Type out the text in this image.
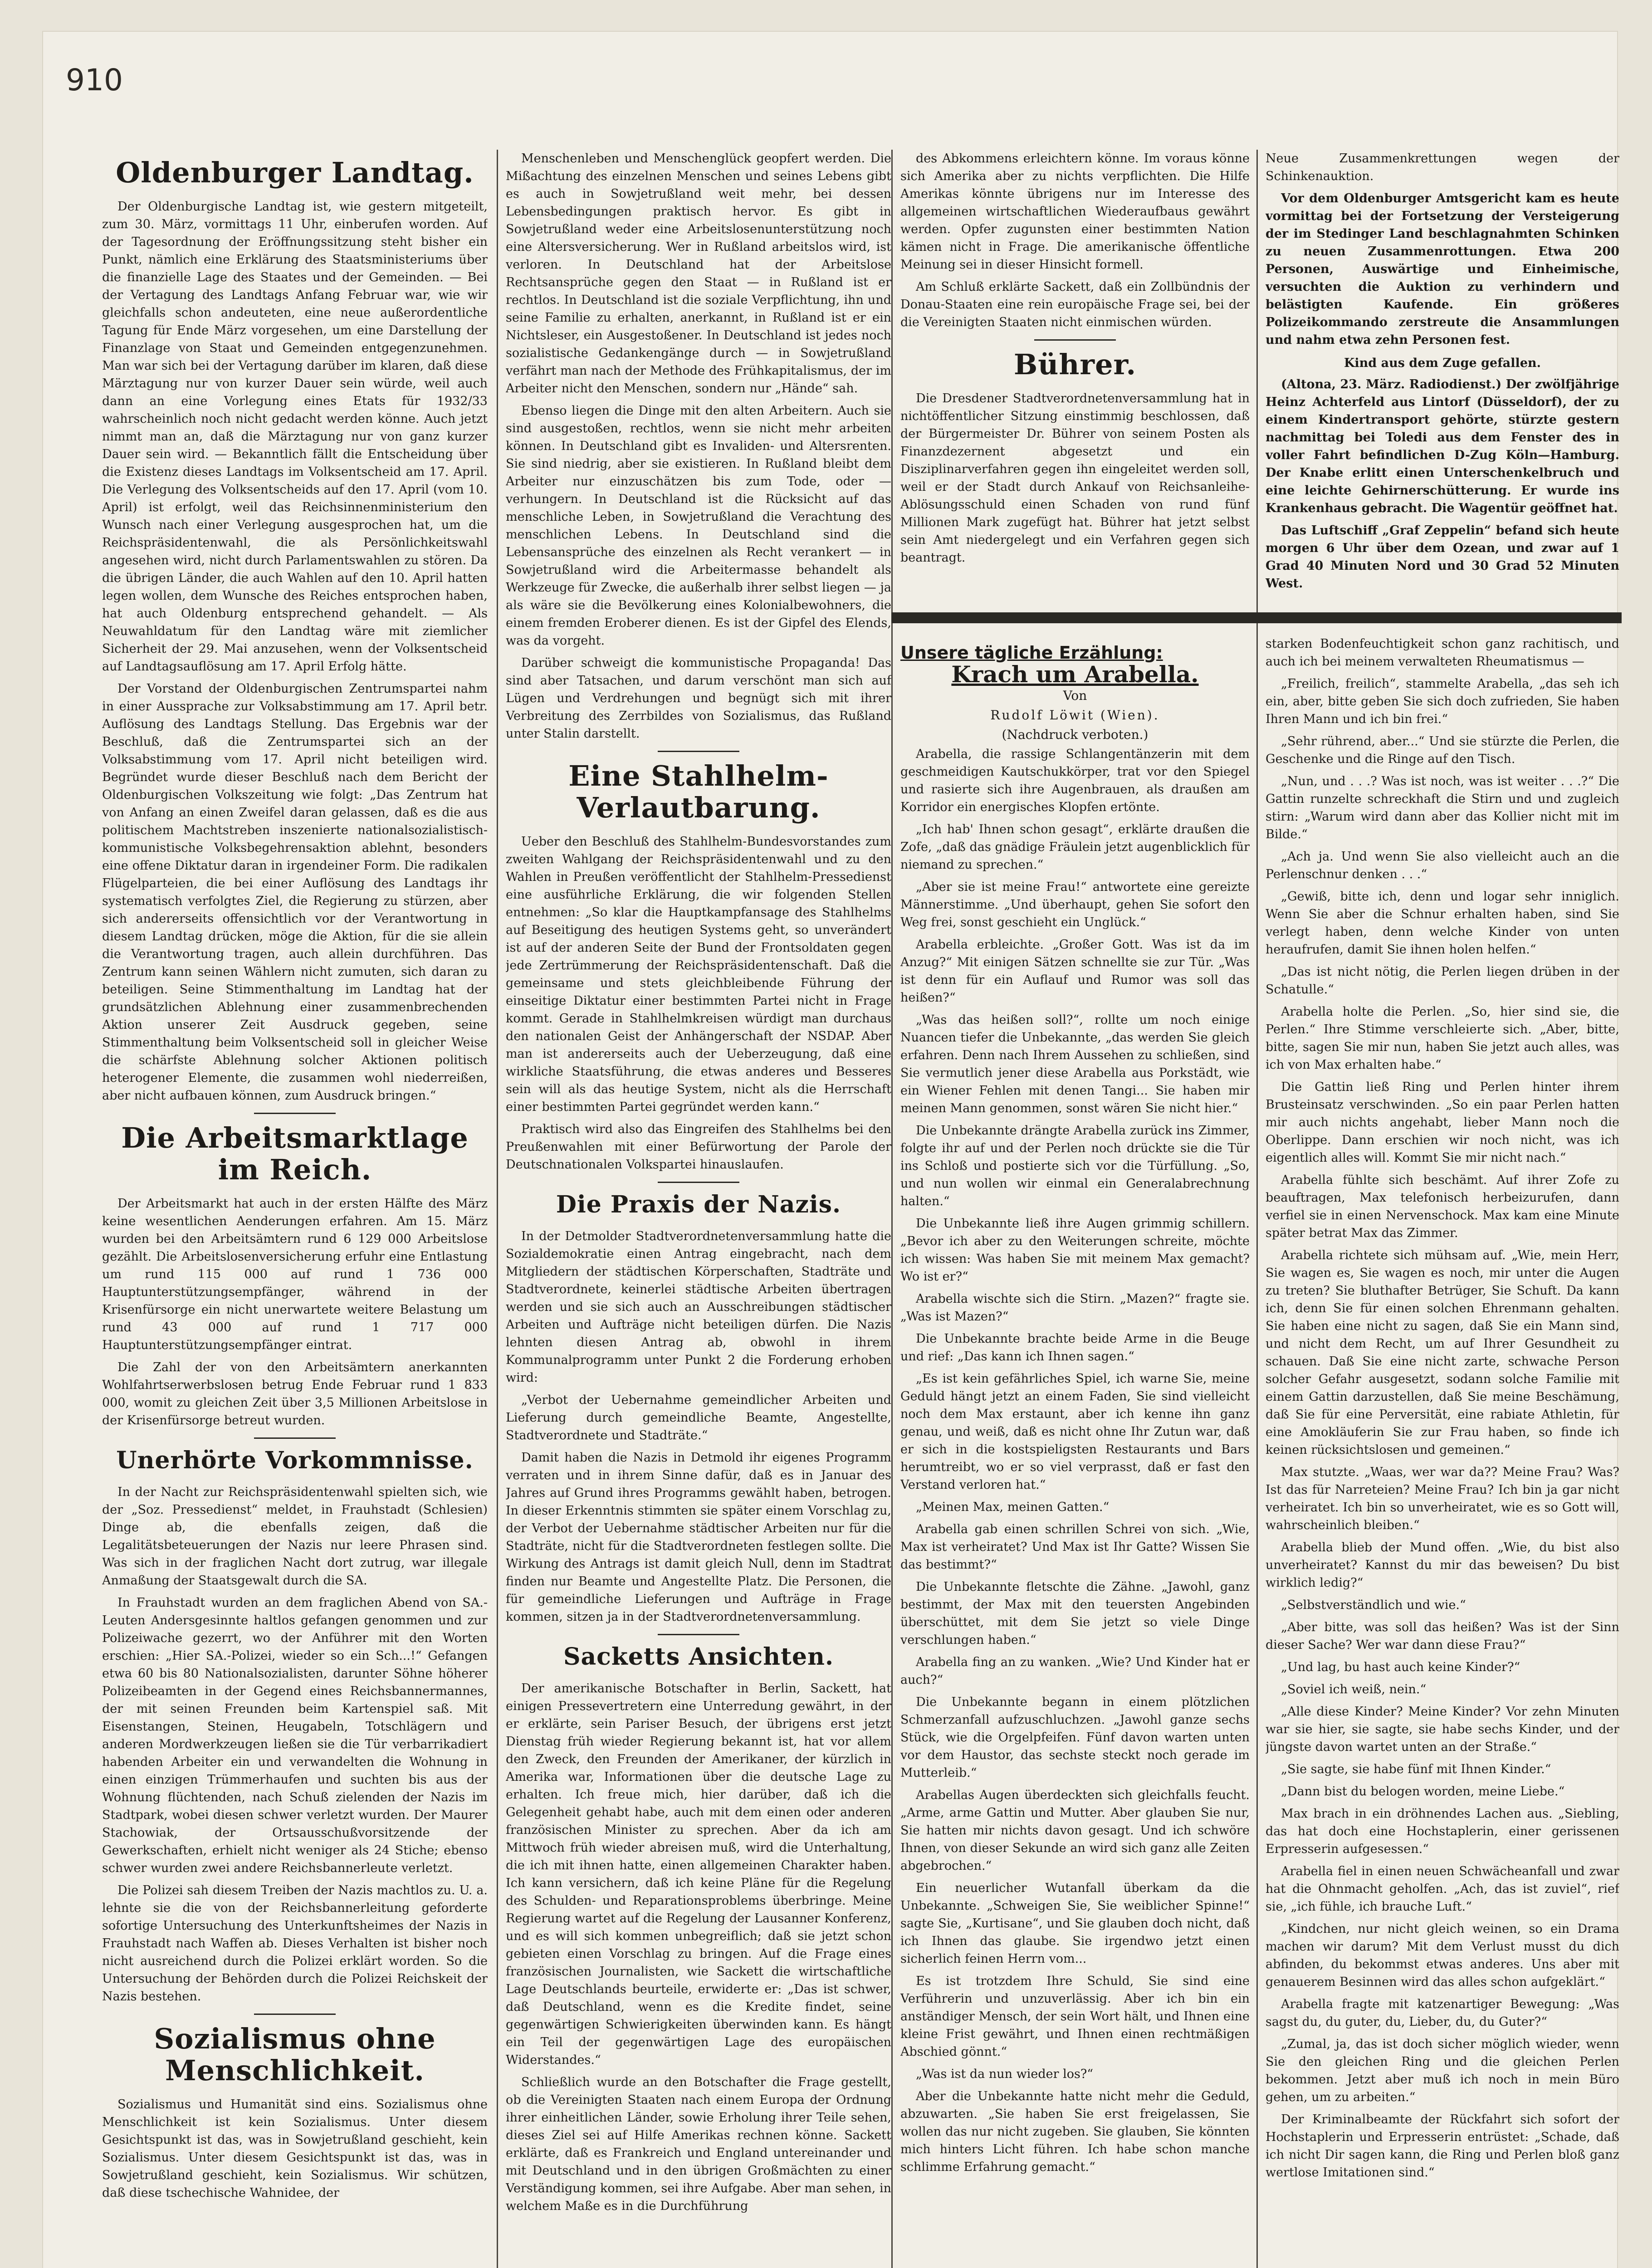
910
Oldenburger Landtag.

Der Oldenburgische Landtag ist, wie gestern mitgeteilt, zum 30. März, vormittags 11 Uhr, einberufen worden. Auf der Tagesordnung der Eröffnungssitzung steht bisher ein Punkt, nämlich eine Erklärung des Staatsministeriums über die finanzielle Lage des Staates und der Gemeinden. — Bei der Vertagung des Landtags Anfang Februar war, wie wir gleichfalls schon andeuteten, eine neue außerordentliche Tagung für Ende März vorgesehen, um eine Darstellung der Finanzlage von Staat und Gemeinden entgegenzunehmen. Man war sich bei der Vertagung darüber im klaren, daß diese Märztagung nur von kurzer Dauer sein würde, weil auch dann an eine Vorlegung eines Etats für 1932/33 wahrscheinlich noch nicht gedacht werden könne. Auch jetzt nimmt man an, daß die Märztagung nur von ganz kurzer Dauer sein wird. — Bekanntlich fällt die Entscheidung über die Existenz dieses Landtags im Volksentscheid am 17. April. Die Verlegung des Volksentscheids auf den 17. April (vom 10. April) ist erfolgt, weil das Reichsinnenministerium den Wunsch nach einer Verlegung ausgesprochen hat, um die Reichspräsidentenwahl, die als Persönlichkeitswahl angesehen wird, nicht durch Parlamentswahlen zu stören. Da die übrigen Länder, die auch Wahlen auf den 10. April hatten legen wollen, dem Wunsche des Reiches entsprochen haben, hat auch Oldenburg entsprechend gehandelt. — Als Neuwahldatum für den Landtag wäre mit ziemlicher Sicherheit der 29. Mai anzusehen, wenn der Volksentscheid auf Landtagsauflösung am 17. April Erfolg hätte.

Der Vorstand der Oldenburgischen Zentrumspartei nahm in einer Aussprache zur Volksabstimmung am 17. April betr. Auflösung des Landtags Stellung. Das Ergebnis war der Beschluß, daß die Zentrumspartei sich an der Volksabstimmung vom 17. April nicht beteiligen wird. Begründet wurde dieser Beschluß nach dem Bericht der Oldenburgischen Volkszeitung wie folgt: „Das Zentrum hat von Anfang an einen Zweifel daran gelassen, daß es die aus politischem Machtstreben inszenierte nationalsozialistisch-kommunistische Volksbegehrensaktion ablehnt, besonders eine offene Diktatur daran in irgendeiner Form. Die radikalen Flügelparteien, die bei einer Auflösung des Landtags ihr systematisch verfolgtes Ziel, die Regierung zu stürzen, aber sich andererseits offensichtlich vor der Verantwortung in diesem Landtag drücken, möge die Aktion, für die sie allein die Verantwortung tragen, auch allein durchführen. Das Zentrum kann seinen Wählern nicht zumuten, sich daran zu beteiligen. Seine Stimmenthaltung im Landtag hat der grundsätzlichen Ablehnung einer zusammenbrechenden Aktion unserer Zeit Ausdruck gegeben, seine Stimmenthaltung beim Volksentscheid soll in gleicher Weise die schärfste Ablehnung solcher Aktionen politisch heterogener Elemente, die zusammen wohl niederreißen, aber nicht aufbauen können, zum Ausdruck bringen.“

Die Arbeitsmarktlage im Reich.

Der Arbeitsmarkt hat auch in der ersten Hälfte des März keine wesentlichen Aenderungen erfahren. Am 15. März wurden bei den Arbeitsämtern rund 6 129 000 Arbeitslose gezählt. Die Arbeitslosenversicherung erfuhr eine Entlastung um rund 115 000 auf rund 1 736 000 Hauptunterstützungsempfänger, während in der Krisenfürsorge ein nicht unerwartete weitere Belastung um rund 43 000 auf rund 1 717 000 Hauptunterstützungsempfänger eintrat.

Die Zahl der von den Arbeitsämtern anerkannten Wohlfahrtserwerbslosen betrug Ende Februar rund 1 833 000, womit zu gleichen Zeit über 3,5 Millionen Arbeitslose in der Krisenfürsorge betreut wurden.

Unerhörte Vorkommnisse.

In der Nacht zur Reichspräsidentenwahl spielten sich, wie der „Soz. Pressedienst“ meldet, in Frauhstadt (Schlesien) Dinge ab, die ebenfalls zeigen, daß die Legalitätsbeteuerungen der Nazis nur leere Phrasen sind. Was sich in der fraglichen Nacht dort zutrug, war illegale Anmaßung der Staatsgewalt durch die SA.

In Frauhstadt wurden an dem fraglichen Abend von SA.-Leuten Andersgesinnte haltlos gefangen genommen und zur Polizeiwache gezerrt, wo der Anführer mit den Worten erschien: „Hier SA.-Polizei, wieder so ein Sch...!“ Gefangen etwa 60 bis 80 Nationalsozialisten, darunter Söhne höherer Polizeibeamten in der Gegend eines Reichsbannermannes, der mit seinen Freunden beim Kartenspiel saß. Mit Eisenstangen, Steinen, Heugabeln, Totschlägern und anderen Mordwerkzeugen ließen sie die Tür verbarrikadiert habenden Arbeiter ein und verwandelten die Wohnung in einen einzigen Trümmerhaufen und suchten bis aus der Wohnung flüchtenden, nach Schuß zielenden der Nazis im Stadtpark, wobei diesen schwer verletzt wurden. Der Maurer Stachowiak, der Ortsausschußvorsitzende der Gewerkschaften, erhielt nicht weniger als 24 Stiche; ebenso schwer wurden zwei andere Reichsbannerleute verletzt.

Die Polizei sah diesem Treiben der Nazis machtlos zu. U. a. lehnte sie die von der Reichsbannerleitung geforderte sofortige Untersuchung des Unterkunftsheimes der Nazis in Frauhstadt nach Waffen ab. Dieses Verhalten ist bisher noch nicht ausreichend durch die Polizei erklärt worden. So die Untersuchung der Behörden durch die Polizei Reichskeit der Nazis bestehen.

Sozialismus ohne Menschlichkeit.

Sozialismus und Humanität sind eins. Sozialismus ohne Menschlichkeit ist kein Sozialismus. Unter diesem Gesichtspunkt ist das, was in Sowjetrußland geschieht, kein Sozialismus. Unter diesem Gesichtspunkt ist das, was in Sowjetrußland geschieht, kein Sozialismus. Wir schützen, daß diese tschechische Wahnidee, der

Menschenleben und Menschenglück geopfert werden. Die Mißachtung des einzelnen Menschen und seines Lebens gibt es auch in Sowjetrußland weit mehr, bei dessen Lebensbedingungen praktisch hervor. Es gibt in Sowjetrußland weder eine Arbeitslosenunterstützung noch eine Altersversicherung. Wer in Rußland arbeitslos wird, ist verloren. In Deutschland hat der Arbeitslose Rechtsansprüche gegen den Staat — in Rußland ist er rechtlos. In Deutschland ist die soziale Verpflichtung, ihn und seine Familie zu erhalten, anerkannt, in Rußland ist er ein Nichtsleser, ein Ausgestoßener. In Deutschland ist jedes noch sozialistische Gedankengänge durch — in Sowjetrußland verfährt man nach der Methode des Frühkapitalismus, der im Arbeiter nicht den Menschen, sondern nur „Hände“ sah.

Ebenso liegen die Dinge mit den alten Arbeitern. Auch sie sind ausgestoßen, rechtlos, wenn sie nicht mehr arbeiten können. In Deutschland gibt es Invaliden- und Altersrenten. Sie sind niedrig, aber sie existieren. In Rußland bleibt dem Arbeiter nur einzuschätzen bis zum Tode, oder — verhungern. In Deutschland ist die Rücksicht auf das menschliche Leben, in Sowjetrußland die Verachtung des menschlichen Lebens. In Deutschland sind die Lebensansprüche des einzelnen als Recht verankert — in Sowjetrußland wird die Arbeitermasse behandelt als Werkzeuge für Zwecke, die außerhalb ihrer selbst liegen — ja als wäre sie die Bevölkerung eines Kolonialbewohners, die einem fremden Eroberer dienen. Es ist der Gipfel des Elends, was da vorgeht.

Darüber schweigt die kommunistische Propaganda! Das sind aber Tatsachen, und darum verschönt man sich auf Lügen und Verdrehungen und begnügt sich mit ihrer Verbreitung des Zerrbildes von Sozialismus, das Rußland unter Stalin darstellt.

Eine Stahlhelm-Verlautbarung.

Ueber den Beschluß des Stahlhelm-Bundesvorstandes zum zweiten Wahlgang der Reichspräsidentenwahl und zu den Wahlen in Preußen veröffentlicht der Stahlhelm-Pressedienst eine ausführliche Erklärung, die wir folgenden Stellen entnehmen: „So klar die Hauptkampfansage des Stahlhelms auf Beseitigung des heutigen Systems geht, so unverändert ist auf der anderen Seite der Bund der Frontsoldaten gegen jede Zertrümmerung der Reichspräsidentenschaft. Daß die gemeinsame und stets gleichbleibende Führung der einseitige Diktatur einer bestimmten Partei nicht in Frage kommt. Gerade in Stahlhelmkreisen würdigt man durchaus den nationalen Geist der Anhängerschaft der NSDAP. Aber man ist andererseits auch der Ueberzeugung, daß eine wirkliche Staatsführung, die etwas anderes und Besseres sein will als das heutige System, nicht als die Herrschaft einer bestimmten Partei gegründet werden kann.“

Praktisch wird also das Eingreifen des Stahlhelms bei den Preußenwahlen mit einer Befürwortung der Parole der Deutschnationalen Volkspartei hinauslaufen.

Die Praxis der Nazis.

In der Detmolder Stadtverordnetenversammlung hatte die Sozialdemokratie einen Antrag eingebracht, nach dem Mitgliedern der städtischen Körperschaften, Stadträte und Stadtverordnete, keinerlei städtische Arbeiten übertragen werden und sie sich auch an Ausschreibungen städtischer Arbeiten und Aufträge nicht beteiligen dürfen. Die Nazis lehnten diesen Antrag ab, obwohl in ihrem Kommunalprogramm unter Punkt 2 die Forderung erhoben wird:

„Verbot der Uebernahme gemeindlicher Arbeiten und Lieferung durch gemeindliche Beamte, Angestellte, Stadtverordnete und Stadträte.“

Damit haben die Nazis in Detmold ihr eigenes Programm verraten und in ihrem Sinne dafür, daß es in Januar des Jahres auf Grund ihres Programms gewählt haben, betrogen. In dieser Erkenntnis stimmten sie später einem Vorschlag zu, der Verbot der Uebernahme städtischer Arbeiten nur für die Stadträte, nicht für die Stadtverordneten festlegen sollte. Die Wirkung des Antrags ist damit gleich Null, denn im Stadtrat finden nur Beamte und Angestellte Platz. Die Personen, die für gemeindliche Lieferungen und Aufträge in Frage kommen, sitzen ja in der Stadtverordnetenversammlung.

Sacketts Ansichten.

Der amerikanische Botschafter in Berlin, Sackett, hat einigen Pressevertretern eine Unterredung gewährt, in der er erklärte, sein Pariser Besuch, der übrigens erst jetzt Dienstag früh wieder Regierung bekannt ist, hat vor allem den Zweck, den Freunden der Amerikaner, der kürzlich in Amerika war, Informationen über die deutsche Lage zu erhalten. Ich freue mich, hier darüber, daß ich die Gelegenheit gehabt habe, auch mit dem einen oder anderen französischen Minister zu sprechen. Aber da ich am Mittwoch früh wieder abreisen muß, wird die Unterhaltung, die ich mit ihnen hatte, einen allgemeinen Charakter haben. Ich kann versichern, daß ich keine Pläne für die Regelung des Schulden- und Reparationsproblems überbringe. Meine Regierung wartet auf die Regelung der Lausanner Konferenz, und es will sich kommen unbegreiflich; daß sie jetzt schon gebieten einen Vorschlag zu bringen. Auf die Frage eines französischen Journalisten, wie Sackett die wirtschaftliche Lage Deutschlands beurteile, erwiderte er: „Das ist schwer, daß Deutschland, wenn es die Kredite findet, seine gegenwärtigen Schwierigkeiten überwinden kann. Es hängt ein Teil der gegenwärtigen Lage des europäischen Widerstandes.“

Schließlich wurde an den Botschafter die Frage gestellt, ob die Vereinigten Staaten nach einem Europa der Ordnung ihrer einheitlichen Länder, sowie Erholung ihrer Teile sehen, dieses Ziel sei auf Hilfe Amerikas rechnen könne. Sackett erklärte, daß es Frankreich und England untereinander und mit Deutschland und in den übrigen Großmächten zu einer Verständigung kommen, sei ihre Aufgabe. Aber man sehen, in welchem Maße es in die Durchführung

des Abkommens erleichtern könne. Im voraus könne sich Amerika aber zu nichts verpflichten. Die Hilfe Amerikas könnte übrigens nur im Interesse des allgemeinen wirtschaftlichen Wiederaufbaus gewährt werden. Opfer zugunsten einer bestimmten Nation kämen nicht in Frage. Die amerikanische öffentliche Meinung sei in dieser Hinsicht formell.

Am Schluß erklärte Sackett, daß ein Zollbündnis der Donau-Staaten eine rein europäische Frage sei, bei der die Vereinigten Staaten nicht einmischen würden.

Bührer.

Die Dresdener Stadtverordnetenversammlung hat in nichtöffentlicher Sitzung einstimmig beschlossen, daß der Bürgermeister Dr. Bührer von seinem Posten als Finanzdezernent abgesetzt und ein Disziplinarverfahren gegen ihn eingeleitet werden soll, weil er der Stadt durch Ankauf von Reichsanleihe-Ablösungsschuld einen Schaden von rund fünf Millionen Mark zugefügt hat. Bührer hat jetzt selbst sein Amt niedergelegt und ein Verfahren gegen sich beantragt.

Neue Zusammenkrettungen wegen der Schinkenauktion.

Vor dem Oldenburger Amtsgericht kam es heute vormittag bei der Fortsetzung der Versteigerung der im Stedinger Land beschlagnahmten Schinken zu neuen Zusammenrottungen. Etwa 200 Personen, Auswärtige und Einheimische, versuchten die Auktion zu verhindern und belästigten Kaufende. Ein größeres Polizeikommando zerstreute die Ansammlungen und nahm etwa zehn Personen fest.

Kind aus dem Zuge gefallen.

(Altona, 23. März. Radiodienst.) Der zwölfjährige Heinz Achterfeld aus Lintorf (Düsseldorf), der zu einem Kindertransport gehörte, stürzte gestern nachmittag bei Toledi aus dem Fenster des in voller Fahrt befindlichen D-Zug Köln—Hamburg. Der Knabe erlitt einen Unterschenkelbruch und eine leichte Gehirnerschütterung. Er wurde ins Krankenhaus gebracht. Die Wagentür geöffnet hat.

Das Luftschiff „Graf Zeppelin“ befand sich heute morgen 6 Uhr über dem Ozean, und zwar auf 1 Grad 40 Minuten Nord und 30 Grad 52 Minuten West.

Unsere tägliche Erzählung:
Krach um Arabella.
Von
Rudolf Löwit (Wien).
(Nachdruck verboten.)

Arabella, die rassige Schlangentänzerin mit dem geschmeidigen Kautschukkörper, trat vor den Spiegel und rasierte sich ihre Augenbrauen, als draußen am Korridor ein energisches Klopfen ertönte.

„Ich hab' Ihnen schon gesagt“, erklärte draußen die Zofe, „daß das gnädige Fräulein jetzt augenblicklich für niemand zu sprechen.“

„Aber sie ist meine Frau!“ antwortete eine gereizte Männerstimme. „Und überhaupt, gehen Sie sofort den Weg frei, sonst geschieht ein Unglück.“

Arabella erbleichte. „Großer Gott. Was ist da im Anzug?“ Mit einigen Sätzen schnellte sie zur Tür. „Was ist denn für ein Auflauf und Rumor was soll das heißen?“

„Was das heißen soll?“, rollte um noch einige Nuancen tiefer die Unbekannte, „das werden Sie gleich erfahren. Denn nach Ihrem Aussehen zu schließen, sind Sie vermutlich jener diese Arabella aus Porkstädt, wie ein Wiener Fehlen mit denen Tangi... Sie haben mir meinen Mann genommen, sonst wären Sie nicht hier.“

Die Unbekannte drängte Arabella zurück ins Zimmer, folgte ihr auf und der Perlen noch drückte sie die Tür ins Schloß und postierte sich vor die Türfüllung. „So, und nun wollen wir einmal ein Generalabrechnung halten.“

Die Unbekannte ließ ihre Augen grimmig schillern. „Bevor ich aber zu den Weiterungen schreite, möchte ich wissen: Was haben Sie mit meinem Max gemacht? Wo ist er?“

Arabella wischte sich die Stirn. „Mazen?“ fragte sie. „Was ist Mazen?“

Die Unbekannte brachte beide Arme in die Beuge und rief: „Das kann ich Ihnen sagen.“

„Es ist kein gefährliches Spiel, ich warne Sie, meine Geduld hängt jetzt an einem Faden, Sie sind vielleicht noch dem Max erstaunt, aber ich kenne ihn ganz genau, und weiß, daß es nicht ohne Ihr Zutun war, daß er sich in die kostspieligsten Restaurants und Bars herumtreibt, wo er so viel verprasst, daß er fast den Verstand verloren hat.“

„Meinen Max, meinen Gatten.“

Arabella gab einen schrillen Schrei von sich. „Wie, Max ist verheiratet? Und Max ist Ihr Gatte? Wissen Sie das bestimmt?“

Die Unbekannte fletschte die Zähne. „Jawohl, ganz bestimmt, der Max mit den teuersten Angebinden überschüttet, mit dem Sie jetzt so viele Dinge verschlungen haben.“

Arabella fing an zu wanken. „Wie? Und Kinder hat er auch?“

Die Unbekannte begann in einem plötzlichen Schmerzanfall aufzuschluchzen. „Jawohl ganze sechs Stück, wie die Orgelpfeifen. Fünf davon warten unten vor dem Haustor, das sechste steckt noch gerade im Mutterleib.“

Arabellas Augen überdeckten sich gleichfalls feucht. „Arme, arme Gattin und Mutter. Aber glauben Sie nur, Sie hatten mir nichts davon gesagt. Und ich schwöre Ihnen, von dieser Sekunde an wird sich ganz alle Zeiten abgebrochen.“

Ein neuerlicher Wutanfall überkam da die Unbekannte. „Schweigen Sie, Sie weiblicher Spinne!“ sagte Sie, „Kurtisane“, und Sie glauben doch nicht, daß ich Ihnen das glaube. Sie irgendwo jetzt einen sicherlich feinen Herrn vom...

Es ist trotzdem Ihre Schuld, Sie sind eine Verführerin und unzuverlässig. Aber ich bin ein anständiger Mensch, der sein Wort hält, und Ihnen eine kleine Frist gewährt, und Ihnen einen rechtmäßigen Abschied gönnt.“

„Was ist da nun wieder los?“

Aber die Unbekannte hatte nicht mehr die Geduld, abzuwarten. „Sie haben Sie erst freigelassen, Sie wollen das nur nicht zugeben. Sie glauben, Sie könnten mich hinters Licht führen. Ich habe schon manche schlimme Erfahrung gemacht.“

starken Bodenfeuchtigkeit schon ganz rachitisch, und auch ich bei meinem verwalteten Rheumatismus —

„Freilich, freilich“, stammelte Arabella, „das seh ich ein, aber, bitte geben Sie sich doch zufrieden, Sie haben Ihren Mann und ich bin frei.“

„Sehr rührend, aber...“ Und sie stürzte die Perlen, die Geschenke und die Ringe auf den Tisch.

„Nun, und . . .? Was ist noch, was ist weiter . . .?“ Die Gattin runzelte schreckhaft die Stirn und und zugleich stirn: „Warum wird dann aber das Kollier nicht mit im Bilde.“

„Ach ja. Und wenn Sie also vielleicht auch an die Perlenschnur denken . . .“

„Gewiß, bitte ich, denn und logar sehr inniglich. Wenn Sie aber die Schnur erhalten haben, sind Sie verlegt haben, denn welche Kinder von unten heraufrufen, damit Sie ihnen holen helfen.“

„Das ist nicht nötig, die Perlen liegen drüben in der Schatulle.“

Arabella holte die Perlen. „So, hier sind sie, die Perlen.“ Ihre Stimme verschleierte sich. „Aber, bitte, bitte, sagen Sie mir nun, haben Sie jetzt auch alles, was ich von Max erhalten habe.“

Die Gattin ließ Ring und Perlen hinter ihrem Brusteinsatz verschwinden. „So ein paar Perlen hatten mir auch nichts angehabt, lieber Mann noch die Oberlippe. Dann erschien wir noch nicht, was ich eigentlich alles will. Kommt Sie mir nicht nach.“

Arabella fühlte sich beschämt. Auf ihrer Zofe zu beauftragen, Max telefonisch herbeizurufen, dann verfiel sie in einen Nervenschock. Max kam eine Minute später betrat Max das Zimmer.

Arabella richtete sich mühsam auf. „Wie, mein Herr, Sie wagen es, Sie wagen es noch, mir unter die Augen zu treten? Sie bluthafter Betrüger, Sie Schuft. Da kann ich, denn Sie für einen solchen Ehrenmann gehalten. Sie haben eine nicht zu sagen, daß Sie ein Mann sind, und nicht dem Recht, um auf Ihrer Gesundheit zu schauen. Daß Sie eine nicht zarte, schwache Person solcher Gefahr ausgesetzt, sodann solche Familie mit einem Gattin darzustellen, daß Sie meine Beschämung, daß Sie für eine Perversität, eine rabiate Athletin, für eine Amokläuferin Sie zur Frau haben, so finde ich keinen rücksichtslosen und gemeinen.“

Max stutzte. „Waas, wer war da?? Meine Frau? Was? Ist das für Narreteien? Meine Frau? Ich bin ja gar nicht verheiratet. Ich bin so unverheiratet, wie es so Gott will, wahrscheinlich bleiben.“

Arabella blieb der Mund offen. „Wie, du bist also unverheiratet? Kannst du mir das beweisen? Du bist wirklich ledig?“

„Selbstverständlich und wie.“

„Aber bitte, was soll das heißen? Was ist der Sinn dieser Sache? Wer war dann diese Frau?“

„Und lag, bu hast auch keine Kinder?“

„Soviel ich weiß, nein.“

„Alle diese Kinder? Meine Kinder? Vor zehn Minuten war sie hier, sie sagte, sie habe sechs Kinder, und der jüngste davon wartet unten an der Straße.“

„Sie sagte, sie habe fünf mit Ihnen Kinder.“

„Dann bist du belogen worden, meine Liebe.“

Max brach in ein dröhnendes Lachen aus. „Siebling, das hat doch eine Hochstaplerin, einer gerissenen Erpresserin aufgesessen.“

Arabella fiel in einen neuen Schwächeanfall und zwar hat die Ohnmacht geholfen. „Ach, das ist zuviel“, rief sie, „ich fühle, ich brauche Luft.“

„Kindchen, nur nicht gleich weinen, so ein Drama machen wir darum? Mit dem Verlust musst du dich abfinden, du bekommst etwas anderes. Uns aber mit genauerem Besinnen wird das alles schon aufgeklärt.“

Arabella fragte mit katzenartiger Bewegung: „Was sagst du, du guter, du, Lieber, du, du Guter?“

„Zumal, ja, das ist doch sicher möglich wieder, wenn Sie den gleichen Ring und die gleichen Perlen bekommen. Jetzt aber muß ich noch in mein Büro gehen, um zu arbeiten.“

Der Kriminalbeamte der Rückfahrt sich sofort der Hochstaplerin und Erpresserin entrüstet: „Schade, daß ich nicht Dir sagen kann, die Ring und Perlen bloß ganz wertlose Imitationen sind.“
